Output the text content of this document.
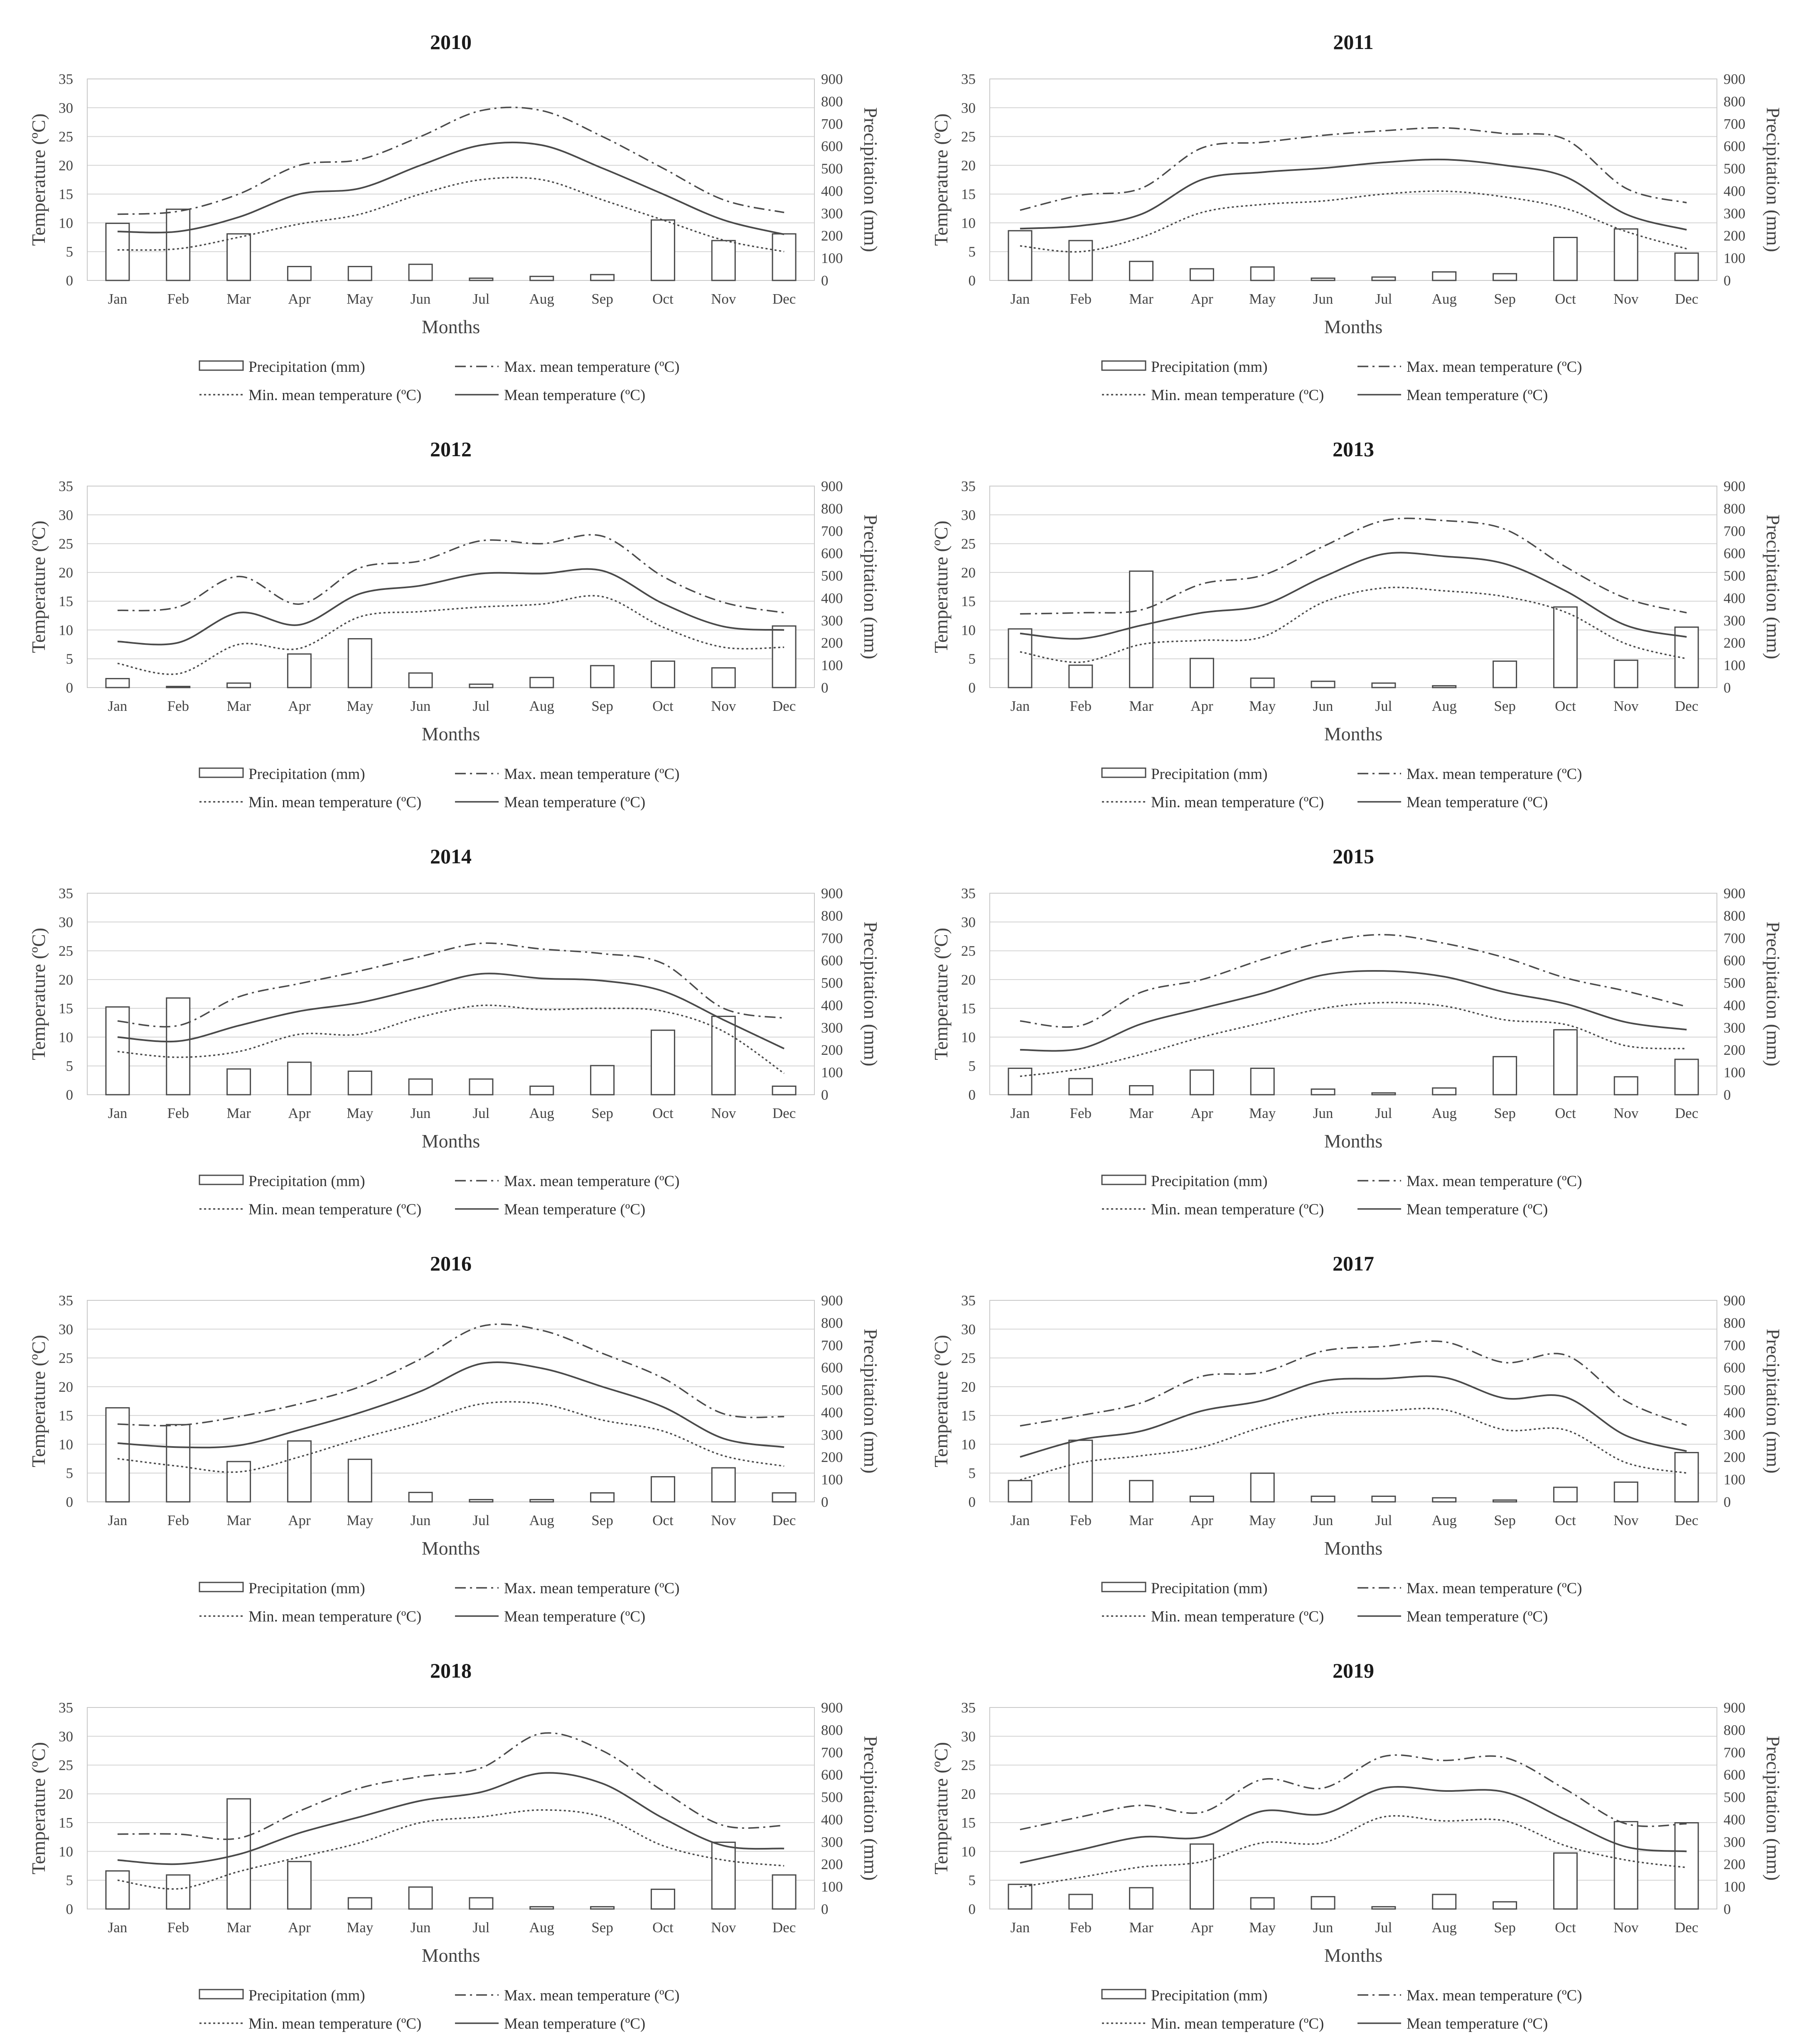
2010
0
5
10
15
20
25
30
35
0
100
200
300
400
500
600
700
800
900
Jan	Feb	Mar	Apr May	Jun	Jul	Aug	Sep	Oct	Nov	Dec
Months
Temperature (ºC)	Precipitation (mm)
Precipitation (mm)	Max. mean temperature (ºC)
Min. mean temperature (ºC)	Mean temperature (ºC)
2011
0
5
10
15
20
25
30
35
0
100
200
300
400
500
600
700
800
900
Jan	Feb	Mar	Apr May	Jun	Jul	Aug	Sep	Oct	Nov	Dec
Months
Temperature (ºC)	Precipitation (mm)
Precipitation (mm)	Max. mean temperature (ºC)
Min. mean temperature (ºC)	Mean temperature (ºC)
2012
0
5
10
15
20
25
30
35
0
100
200
300
400
500
600
700
800
900
Jan	Feb	Mar	Apr May	Jun	Jul	Aug	Sep	Oct	Nov	Dec
Months
Temperature (ºC)	Precipitation (mm)
Precipitation (mm)	Max. mean temperature (ºC)
Min. mean temperature (ºC)	Mean temperature (ºC)
2013
0
5
10
15
20
25
30
35
0
100
200
300
400
500
600
700
800
900
Jan	Feb	Mar	Apr May	Jun	Jul	Aug	Sep	Oct	Nov	Dec
Months
Temperature (ºC)	Precipitation (mm)
Precipitation (mm)	Max. mean temperature (ºC)
Min. mean temperature (ºC)	Mean temperature (ºC)
2014
0
5
10
15
20
25
30
35
0
100
200
300
400
500
600
700
800
900
Jan	Feb	Mar	Apr May	Jun	Jul	Aug	Sep	Oct	Nov	Dec
Months
Temperature (ºC)	Precipitation (mm)
Precipitation (mm)	Max. mean temperature (ºC)
Min. mean temperature (ºC)	Mean temperature (ºC)
2015
0
5
10
15
20
25
30
35
0
100
200
300
400
500
600
700
800
900
Jan	Feb	Mar	Apr May	Jun	Jul	Aug	Sep	Oct	Nov	Dec
Months
Temperature (ºC)	Precipitation (mm)
Precipitation (mm)	Max. mean temperature (ºC)
Min. mean temperature (ºC)	Mean temperature (ºC)
2016
0
5
10
15
20
25
30
35
0
100
200
300
400
500
600
700
800
900
Jan	Feb	Mar	Apr May	Jun	Jul	Aug	Sep	Oct	Nov	Dec
Months
Temperature (ºC)	Precipitation (mm)
Precipitation (mm)	Max. mean temperature (ºC)
Min. mean temperature (ºC)	Mean temperature (ºC)
2017
0
5
10
15
20
25
30
35
0
100
200
300
400
500
600
700
800
900
Jan	Feb	Mar	Apr May	Jun	Jul	Aug	Sep	Oct	Nov	Dec
Months
Temperature (ºC)	Precipitation (mm)
Precipitation (mm)	Max. mean temperature (ºC)
Min. mean temperature (ºC)	Mean temperature (ºC)
2018
0
5
10
15
20
25
30
35
0
100
200
300
400
500
600
700
800
900
Jan	Feb	Mar	Apr May	Jun	Jul	Aug	Sep	Oct	Nov	Dec
Months
Temperature (ºC)	Precipitation (mm)
Precipitation (mm)	Max. mean temperature (ºC)
Min. mean temperature (ºC)	Mean temperature (ºC)
2019
0
5
10
15
20
25
30
35
0
100
200
300
400
500
600
700
800
900
Jan	Feb	Mar	Apr May	Jun	Jul	Aug	Sep	Oct	Nov	Dec
Months
Temperature (ºC)	Precipitation (mm)
Precipitation (mm)	Max. mean temperature (ºC)
Min. mean temperature (ºC)	Mean temperature (ºC)
